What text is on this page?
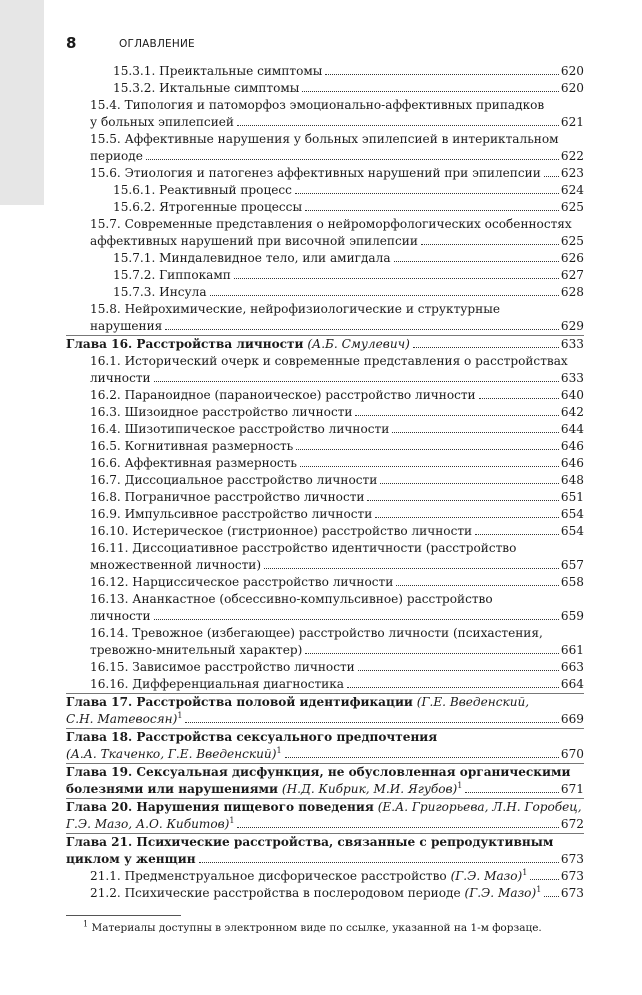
8	ОГЛАВЛЕНИЕ
15.3.1. Преиктальные симптомы	620
15.3.2. Иктальные симптомы	620
15.4. Типология и патоморфоз эмоционально-аффективных припадков
у больных эпилепсией	621
15.5. Аффективные нарушения у больных эпилепсией в интериктальном
периоде	622
15.6. Этиология и патогенез аффективных нарушений при эпилепсии 623
15.6.1. Реактивный процесс	624
15.6.2. Ятрогенные процессы	625
15.7. Современные представления о нейроморфологических особенностях
аффективных нарушений при височной эпилепсии	625
15.7.1. Миндалевидное тело, или амигдала	626
15.7.2. Гиппокамп	627
15.7.3. Инсула	628
15.8. Нейрохимические, нейрофизиологические и структурные
нарушения	629
Глава 16. Расстройства личности (А.Б. Смулевич)	633
16.1. Исторический очерк и современные представления о расстройствах
личности	633
16.2. Параноидное (параноическое) расстройство личности	640
16.3. Шизоидное расстройство личности	642
16.4. Шизотипическое расстройство личности	644
16.5. Когнитивная размерность	646
16.6. Аффективная размерность	646
16.7. Диссоциальное расстройство личности	648
16.8. Пограничное расстройство личности	651
16.9. Импульсивное расстройство личности	654
16.10. Истерическое (гистрионное) расстройство личности	654
16.11. Диссоциативное расстройство идентичности (расстройство
множественной личности)	657
16.12. Нарциссическое расстройство личности	658
16.13. Ананкастное (обсессивно-компульсивное) расстройство
личности	659
16.14. Тревожное (избегающее) расстройство личности (психастения,
тревожно-мнительный характер)	661
16.15. Зависимое расстройство личности	663
16.16. Дифференциальная диагностика	664
Глава 17. Расстройства половой идентификации (Г.Е. Введенский,
С.Н. Матевосян)$^1$	669
Глава 18. Расстройства сексуального предпочтения
(А.А. Ткаченко, Г.Е. Введенский)$^1$	670
Глава 19. Сексуальная дисфункция, не обусловленная органическими
болезнями или нарушениями (Н.Д. Кибрик, М.И. Ягубов)$^1$	671
Глава 20. Нарушения пищевого поведения (Е.А. Григорьева, Л.Н. Горобец,
Г.Э. Мазо, А.О. Кибитов)$^1$	672
Глава 21. Психические расстройства, связанные с репродуктивным
циклом у женщин	673
21.1. Предменструальное дисфорическое расстройство (Г.Э. Мазо)$^1$	673
21.2. Психические расстройства в послеродовом периоде (Г.Э. Мазо)$^1$ 673
$^1$ Материалы доступны в электронном виде по ссылке, указанной на 1-м форзаце.
